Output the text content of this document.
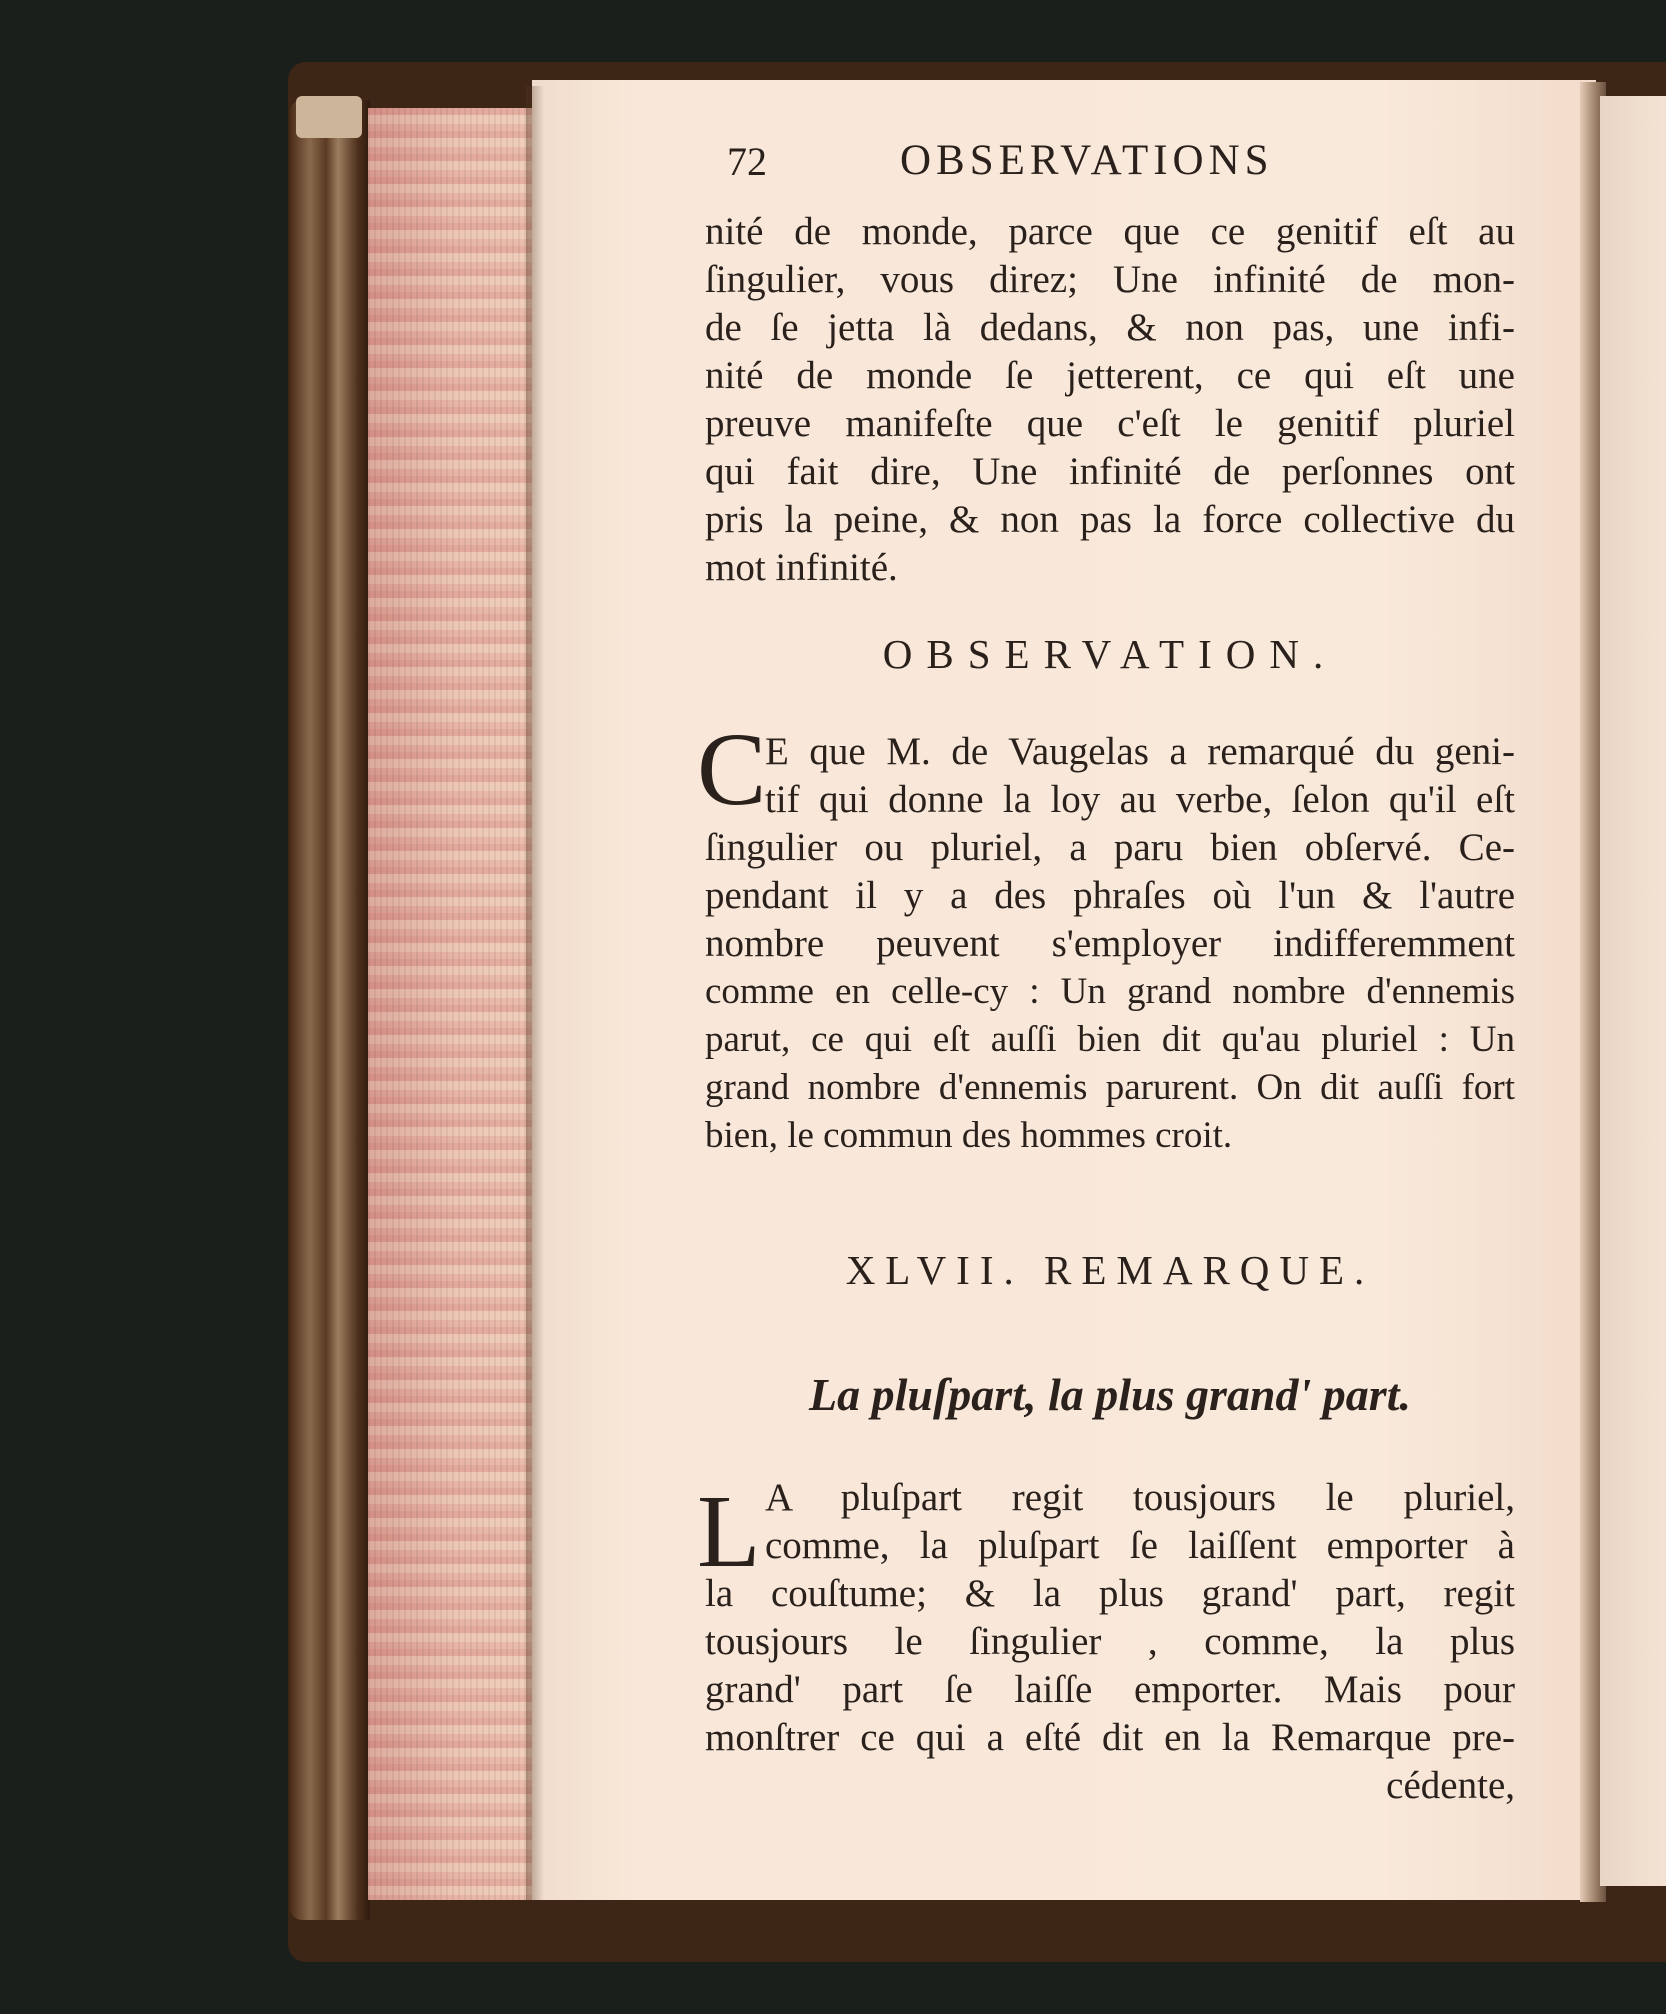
72	OBSERVATIONS
nité de monde, parce que ce genitif eſt au
ſingulier, vous direz; Une infinité de mon-
de ſe jetta là dedans, & non pas, une infi-
nité de monde ſe jetterent, ce qui eſt une
preuve manifeſte que c'eſt le genitif pluriel
qui fait dire, Une infinité de perſonnes ont
pris la peine, & non pas la force collective du
mot infinité.
OBSERVATION.
C
E que M. de Vaugelas a remarqué du geni-
tif qui donne la loy au verbe, ſelon qu'il eſt
ſingulier ou pluriel, a paru bien obſervé. Ce-
pendant il y a des phraſes où l'un & l'autre
nombre peuvent s'employer indifferemment
comme en celle-cy : Un grand nombre d'ennemis
parut, ce qui eſt auſſi bien dit qu'au pluriel : Un
grand nombre d'ennemis parurent. On dit auſſi fort
bien, le commun des hommes croit.
XLVII. REMARQUE.
La pluſpart, la plus grand' part.
L A pluſpart regit tousjours le pluriel,
comme, la pluſpart ſe laiſſent emporter à
la couſtume; & la plus grand' part, regit
tousjours le ſingulier , comme, la plus
grand' part ſe laiſſe emporter. Mais pour
monſtrer ce qui a eſté dit en la Remarque pre-
cédente,
